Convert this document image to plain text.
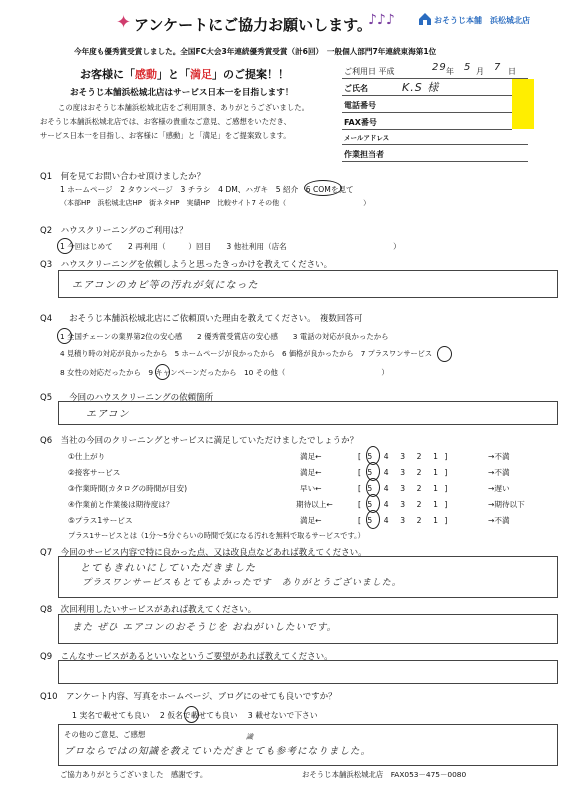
✦ アンケートにご協力お願いします。
♪♪♪	おそうじ本舗 浜松城北店
今年度も優秀賞受賞しました。全国FC大会3年連続優秀賞受賞（計6回）　一般個人部門7年連続東海第1位
お客様に「感動」と「満足」のご提案！！
おそうじ本舗浜松城北店はサービス日本一を目指します！
この度はおそうじ本舗浜松城北店をご利用頂き、ありがとうございました。
おそうじ本舗浜松城北店では、お客様の貴重なご意見、ご感想をいただき、
サービス日本一を目指し、お客様に「感動」と「満足」をご提案致します。
ご利用日 平成	29 年 5 月 7 日
ご氏名	K.S 様
電話番号
FAX番号
メールアドレス
作業担当者
Q1　何を見てお問い合わせ頂けましたか？
1 ホームページ　2 タウンページ　3 チラシ　4 DM、ハガキ　5 紹介　6 COMを見て
（本部HP　浜松城北店HP　街ネタHP　実績HP　比較サイト7 その他（　　　　　　　　　　　）
Q2　ハウスクリーニングのご利用は？
1 今回はじめて　　2 再利用（　　　）回目　　3 他社利用（店名　　　　　　　　　　　　　　）
Q3　ハウスクリーニングを依頼しようと思ったきっかけを教えてください。
エアコンのカビ等の汚れが気になった
Q4　　おそうじ本舗浜松城北店にご依頼頂いた理由を教えてください。　複数回答可
1 全国チェーンの業界第2位の安心感　　2 優秀賞受賞店の安心感　　3 電話の対応が良かったから
4 見積り時の対応が良かったから　5 ホームページが良かったから　6 価格が良かったから　7 プラスワンサービス
8 女性の対応だったから　9 キャンペーンだったから　10 その他（　　　　　　　　　　　　　）
Q5　　今回のハウスクリーニングの依頼箇所
エアコン
Q6　当社の今回のクリーニングとサービスに満足していただけましたでしょうか？
①仕上がり	満足←	[ 5　4　3　2　1 ]	→不満
②接客サービス	満足←	[ 5　4　3　2　1 ]	→不満
③作業時間(カタログの時間が目安)	早い←	[ 5　4　3　2　1 ]	→遅い
④作業前と作業後は期待度は？	期待以上←	[ 5　4　3　2　1 ]	→期待以下
⑤プラス1サービス	満足←	[ 5　4　3　2　1 ]	→不満
プラス1サービスとは（1分～5分ぐらいの時間で気になる汚れを無料で取るサービスです。）
Q7　今回のサービス内容で特に良かった点、又は改良点などあれば教えてください。
とてもきれいにしていただきました
プラスワンサービスもとてもよかったです　ありがとうございました。
Q8　次回利用したいサービスがあれば教えてください。
また ぜひ エアコンのおそうじを おねがいしたいです。
Q9　こんなサービスがあるといいなというご要望があれば教えてください。
Q10　アンケート内容、写真をホームページ、ブログにのせても良いですか？
1 実名で載せても良い　 2 仮名で載せても良い　 3 載せないで下さい
その他のご意見、ご感想	識
プロならではの知識を教えていただきとても参考になりました。
ご協力ありがとうございました　感謝です。	おそうじ本舗浜松城北店　FAX053－475－0080
